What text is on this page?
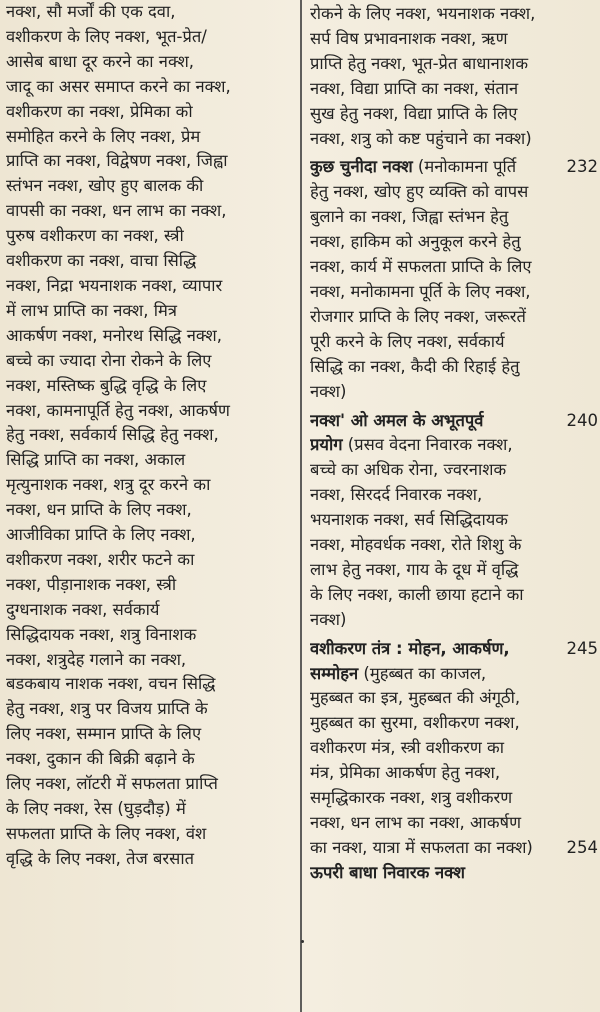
नक्श, सौ मर्जों की एक दवा,
वशीकरण के लिए नक्श, भूत-प्रेत/
आसेब बाधा दूर करने का नक्श,
जादू का असर समाप्त करने का नक्श,
वशीकरण का नक्श, प्रेमिका को
समोहित करने के लिए नक्श, प्रेम
प्राप्ति का नक्श, विद्वेषण नक्श, जिह्वा
स्तंभन नक्श, खोए हुए बालक की
वापसी का नक्श, धन लाभ का नक्श,
पुरुष वशीकरण का नक्श, स्त्री
वशीकरण का नक्श, वाचा सिद्धि
नक्श, निद्रा भयनाशक नक्श, व्यापार
में लाभ प्राप्ति का नक्श, मित्र
आकर्षण नक्श, मनोरथ सिद्धि नक्श,
बच्चे का ज्यादा रोना रोकने के लिए
नक्श, मस्तिष्क बुद्धि वृद्धि के लिए
नक्श, कामनापूर्ति हेतु नक्श, आकर्षण
हेतु नक्श, सर्वकार्य सिद्धि हेतु नक्श,
सिद्धि प्राप्ति का नक्श, अकाल
मृत्युनाशक नक्श, शत्रु दूर करने का
नक्श, धन प्राप्ति के लिए नक्श,
आजीविका प्राप्ति के लिए नक्श,
वशीकरण नक्श, शरीर फटने का
नक्श, पीड़ानाशक नक्श, स्त्री
दुग्धनाशक नक्श, सर्वकार्य
सिद्धिदायक नक्श, शत्रु विनाशक
नक्श, शत्रुदेह गलाने का नक्श,
बडकबाय नाशक नक्श, वचन सिद्धि
हेतु नक्श, शत्रु पर विजय प्राप्ति के
लिए नक्श, सम्मान प्राप्ति के लिए
नक्श, दुकान की बिक्री बढ़ाने के
लिए नक्श, लॉटरी में सफलता प्राप्ति
के लिए नक्श, रेस (घुड़दौड़) में
सफलता प्राप्ति के लिए नक्श, वंश
वृद्धि के लिए नक्श, तेज बरसात
रोकने के लिए नक्श, भयनाशक नक्श,
सर्प विष प्रभावनाशक नक्श, ऋण
प्राप्ति हेतु नक्श, भूत-प्रेत बाधानाशक
नक्श, विद्या प्राप्ति का नक्श, संतान
सुख हेतु नक्श, विद्या प्राप्ति के लिए
नक्श, शत्रु को कष्ट पहुंचाने का नक्श)
कुछ चुनीदा नक्श (मनोकामना पूर्ति	232
हेतु नक्श, खोए हुए व्यक्ति को वापस
बुलाने का नक्श, जिह्वा स्तंभन हेतु
नक्श, हाकिम को अनुकूल करने हेतु
नक्श, कार्य में सफलता प्राप्ति के लिए
नक्श, मनोकामना पूर्ति के लिए नक्श,
रोजगार प्राप्ति के लिए नक्श, जरूरतें
पूरी करने के लिए नक्श, सर्वकार्य
सिद्धि का नक्श, कैदी की रिहाई हेतु
नक्श)
नक्श' ओ अमल के अभूतपूर्व	240
प्रयोग (प्रसव वेदना निवारक नक्श,
बच्चे का अधिक रोना, ज्वरनाशक
नक्श, सिरदर्द निवारक नक्श,
भयनाशक नक्श, सर्व सिद्धिदायक
नक्श, मोहवर्धक नक्श, रोते शिशु के
लाभ हेतु नक्श, गाय के दूध में वृद्धि
के लिए नक्श, काली छाया हटाने का
नक्श)
वशीकरण तंत्र : मोहन, आकर्षण,	245
सम्मोहन (मुहब्बत का काजल,
मुहब्बत का इत्र, मुहब्बत की अंगूठी,
मुहब्बत का सुरमा, वशीकरण नक्श,
वशीकरण मंत्र, स्त्री वशीकरण का
मंत्र, प्रेमिका आकर्षण हेतु नक्श,
समृद्धिकारक नक्श, शत्रु वशीकरण
नक्श, धन लाभ का नक्श, आकर्षण
का नक्श, यात्रा में सफलता का नक्श) 254
ऊपरी बाधा निवारक नक्श
